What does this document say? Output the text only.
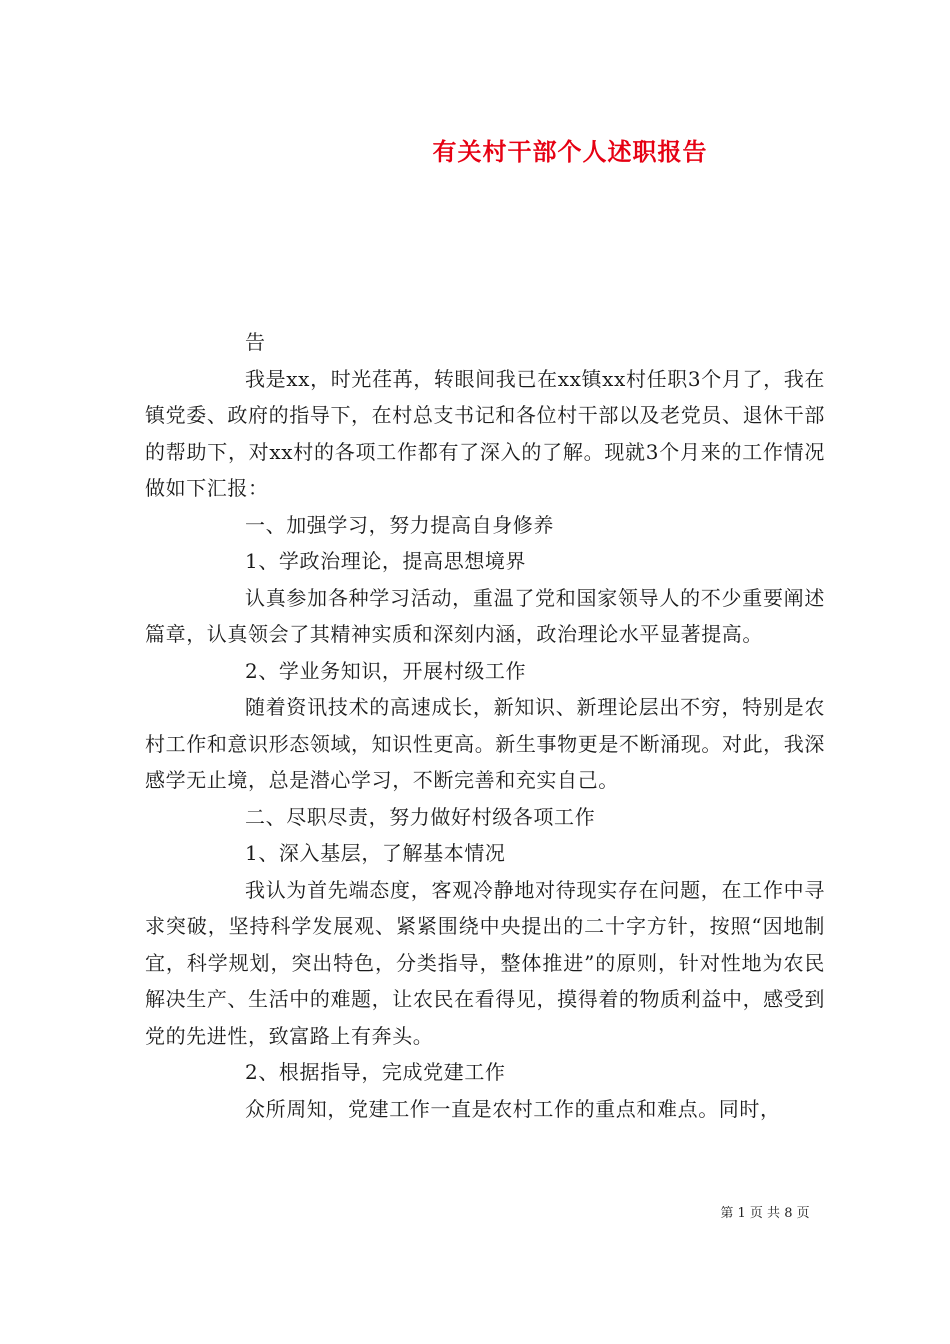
有关村干部个人述职报告

告

我是xx，时光荏苒，转眼间我已在xx镇xx村任职3个月了，我在镇党委、政府的指导下，在村总支书记和各位村干部以及老党员、退休干部的帮助下，对xx村的各项工作都有了深入的了解。现就3个月来的工作情况做如下汇报：

一、加强学习，努力提高自身修养

1、学政治理论，提高思想境界

认真参加各种学习活动，重温了党和国家领导人的不少重要阐述篇章，认真领会了其精神实质和深刻内涵，政治理论水平显著提高。

2、学业务知识，开展村级工作

随着资讯技术的高速成长，新知识、新理论层出不穷，特别是农村工作和意识形态领域，知识性更高。新生事物更是不断涌现。对此，我深感学无止境，总是潜心学习，不断完善和充实自己。

二、尽职尽责，努力做好村级各项工作

1、深入基层，了解基本情况

我认为首先端态度，客观冷静地对待现实存在问题，在工作中寻求突破，坚持科学发展观、紧紧围绕中央提出的二十字方针，按照“因地制宜，科学规划，突出特色，分类指导，整体推进”的原则，针对性地为农民解决生产、生活中的难题，让农民在看得见，摸得着的物质利益中，感受到党的先进性，致富路上有奔头。

2、根据指导，完成党建工作

众所周知，党建工作一直是农村工作的重点和难点。同时，

第 1 页 共 8 页
